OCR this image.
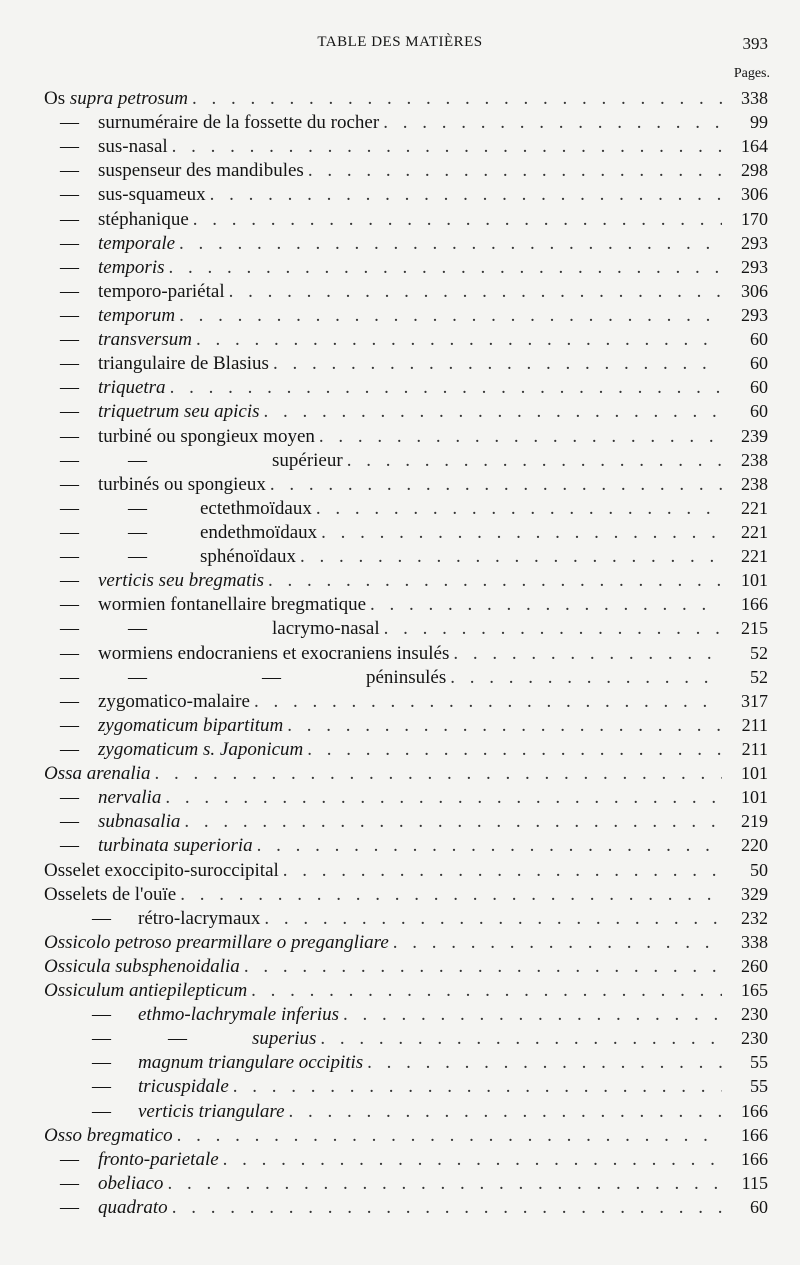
TABLE DES MATIÈRES	393
Pages.
Os supra petrosum . . .	338
— surnuméraire de la fossette du rocher . . .	99
— sus-nasal . . .	164
— suspenseur des mandibules . . .	298
— sus-squameux . . .	306
— stéphanique . . .	170
— temporale . . .	293
— temporis . . .	293
— temporo-pariétal . . .	306
— temporum . . .	293
— transversum . . .	60
— triangulaire de Blasius . . .	60
— triquetra . . .	60
— triquetrum seu apicis . . .	60
— turbiné ou spongieux moyen . . .	239
—	—	supérieur . . .	238
— turbinés ou spongieux . . .	238
—	—	ectethmoïdaux . . .	221
—	—	endethmoïdaux . . .	221
—	—	sphénoïdaux . . .	221
— verticis seu bregmatis . . .	101
— wormien fontanellaire bregmatique . . .	166
—	—	lacrymo-nasal . . .	215
— wormiens endocraniens et exocraniens insulés . . .	52
—	—	—	péninsulés . . .	52
— zygomatico-malaire . . .	317
— zygomaticum bipartitum . . .	211
— zygomaticum s. Japonicum . . .	211
Ossa arenalia . . .	101
— nervalia . . .	101
— subnasalia . . .	219
— turbinata superioria . . .	220
Osselet exoccipito-suroccipital . . .	50
Osselets de l'ouïe . . .	329
— rétro-lacrymaux . . .	232
Ossicolo petroso prearmillare o pregangliare . . .	338
Ossicula subsphenoidalia . . .	260
Ossiculum antiepilepticum . . .	165
— ethmo-lachrymale inferius . . .	230
—	—	superius . . .	230
— magnum triangulare occipitis . . .	55
— tricuspidale . . .	55
— verticis triangulare . . .	166
Osso bregmatico . . .	166
— fronto-parietale . . .	166
— obeliaco . . .	115
— quadrato . . .	60
